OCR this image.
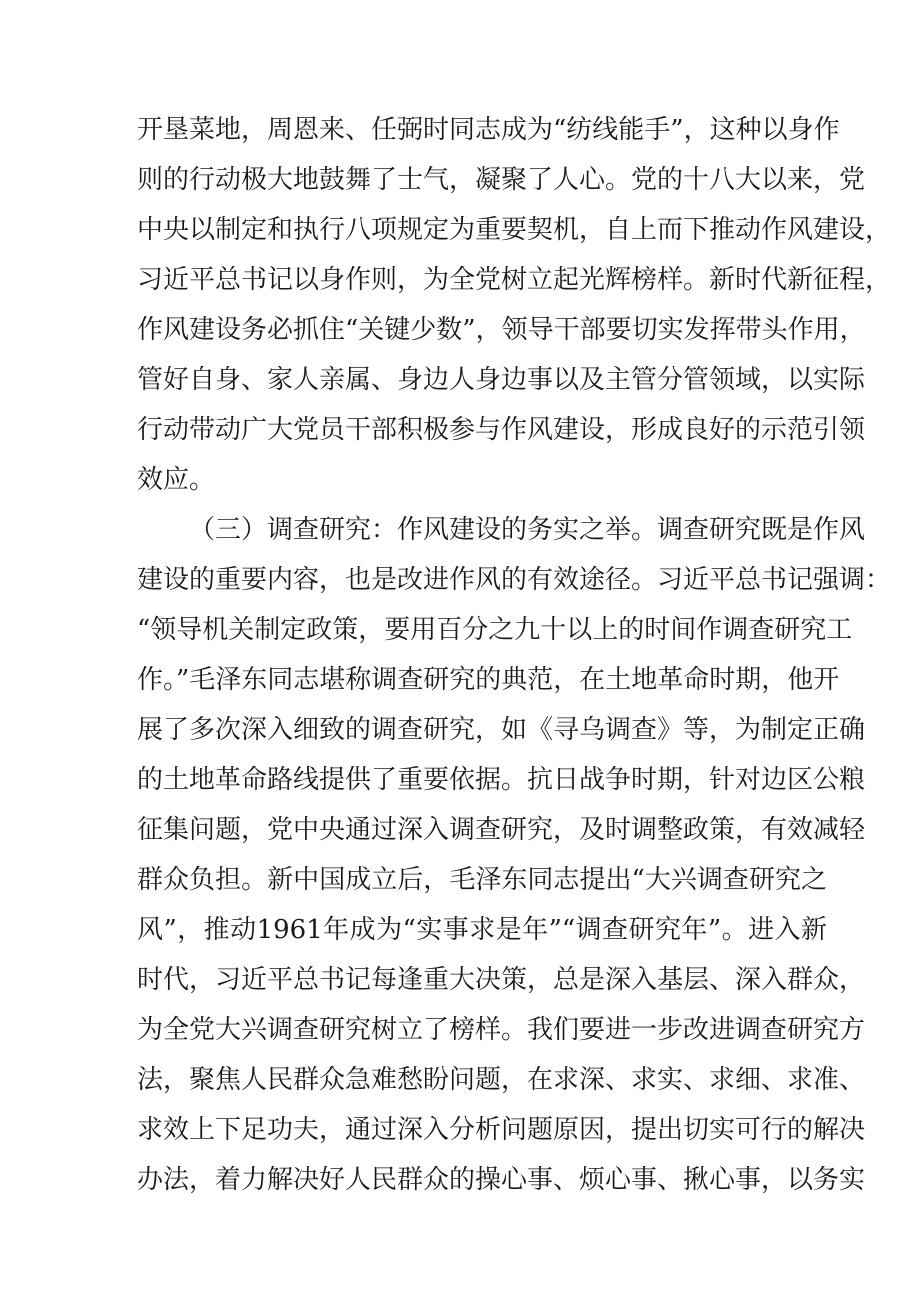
开垦菜地，周恩来、任弼时同志成为“纺线能手”，这种以身作
则的行动极大地鼓舞了士气，凝聚了人心。党的十八大以来，党
中央以制定和执行八项规定为重要契机，自上而下推动作风建设，
习近平总书记以身作则，为全党树立起光辉榜样。新时代新征程，
作风建设务必抓住“关键少数”，领导干部要切实发挥带头作用，
管好自身、家人亲属、身边人身边事以及主管分管领域，以实际
行动带动广大党员干部积极参与作风建设，形成良好的示范引领
效应。
（三）调查研究：作风建设的务实之举。调查研究既是作风
建设的重要内容，也是改进作风的有效途径。习近平总书记强调：
“领导机关制定政策，要用百分之九十以上的时间作调查研究工
作。”毛泽东同志堪称调查研究的典范，在土地革命时期，他开
展了多次深入细致的调查研究，如《寻乌调查》等，为制定正确
的土地革命路线提供了重要依据。抗日战争时期，针对边区公粮
征集问题，党中央通过深入调查研究，及时调整政策，有效减轻
群众负担。新中国成立后，毛泽东同志提出“大兴调查研究之
风”，推动1961年成为“实事求是年”“调查研究年”。进入新
时代，习近平总书记每逢重大决策，总是深入基层、深入群众，
为全党大兴调查研究树立了榜样。我们要进一步改进调查研究方
法，聚焦人民群众急难愁盼问题，在求深、求实、求细、求准、
求效上下足功夫，通过深入分析问题原因，提出切实可行的解决
办法，着力解决好人民群众的操心事、烦心事、揪心事，以务实
